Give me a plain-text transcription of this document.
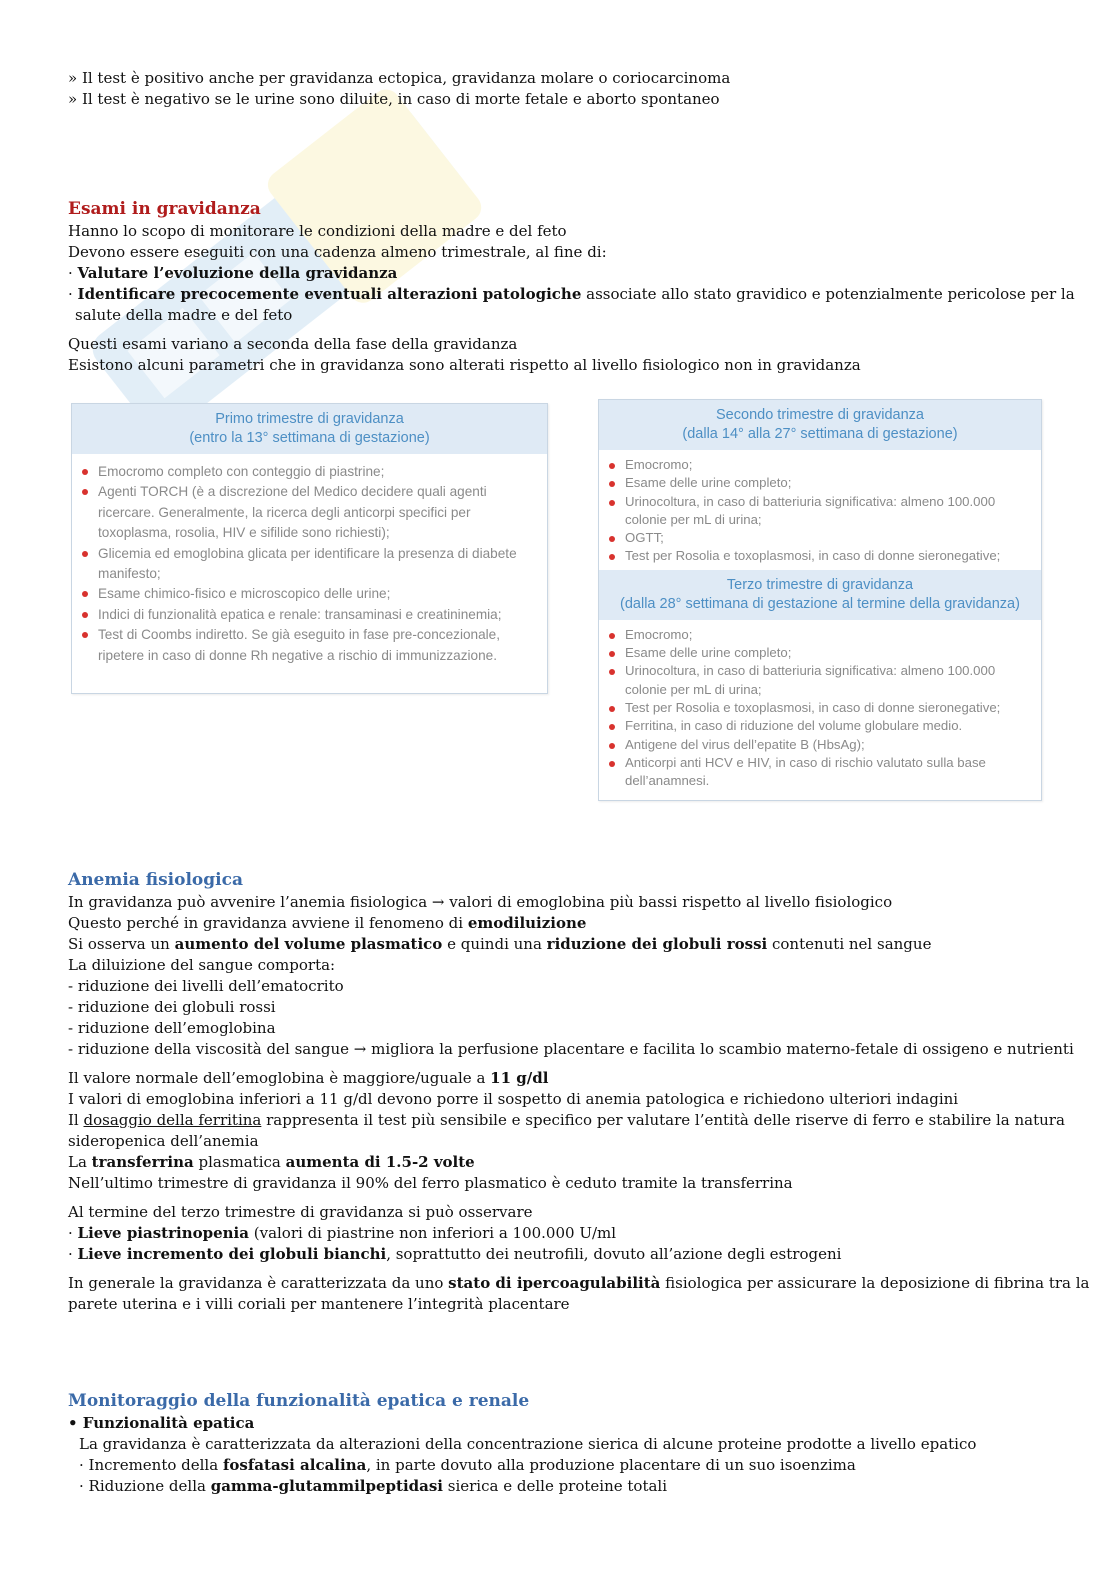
» Il test è positivo anche per gravidanza ectopica, gravidanza molare o coriocarcinoma
» Il test è negativo se le urine sono diluite, in caso di morte fetale e aborto spontaneo
Esami in gravidanza
Hanno lo scopo di monitorare le condizioni della madre e del feto
Devono essere eseguiti con una cadenza almeno trimestrale, al fine di:
· Valutare l’evoluzione della gravidanza
· Identificare precocemente eventuali alterazioni patologiche associate allo stato gravidico e potenzialmente pericolose per la
salute della madre e del feto
Questi esami variano a seconda della fase della gravidanza
Esistono alcuni parametri che in gravidanza sono alterati rispetto al livello fisiologico non in gravidanza
Primo trimestre di gravidanza
(entro la 13° settimana di gestazione)
Emocromo completo con conteggio di piastrine;
Agenti TORCH (è a discrezione del Medico decidere quali agenti ricercare. Generalmente, la ricerca degli anticorpi specifici per toxoplasma, rosolia, HIV e sifilide sono richiesti);
Glicemia ed emoglobina glicata per identificare la presenza di diabete manifesto;
Esame chimico-fisico e microscopico delle urine;
Indici di funzionalità epatica e renale: transaminasi e creatininemia;
Test di Coombs indiretto. Se già eseguito in fase pre-concezionale, ripetere in caso di donne Rh negative a rischio di immunizzazione.
Secondo trimestre di gravidanza
(dalla 14° alla 27° settimana di gestazione)
Emocromo;
Esame delle urine completo;
Urinocoltura, in caso di batteriuria significativa: almeno 100.000 colonie per mL di urina;
OGTT;
Test per Rosolia e toxoplasmosi, in caso di donne sieronegative;
Terzo trimestre di gravidanza
(dalla 28° settimana di gestazione al termine della gravidanza)
Emocromo;
Esame delle urine completo;
Urinocoltura, in caso di batteriuria significativa: almeno 100.000 colonie per mL di urina;
Test per Rosolia e toxoplasmosi, in caso di donne sieronegative;
Ferritina, in caso di riduzione del volume globulare medio.
Antigene del virus dell’epatite B (HbsAg);
Anticorpi anti HCV e HIV, in caso di rischio valutato sulla base dell’anamnesi.
Anemia fisiologica
In gravidanza può avvenire l’anemia fisiologica → valori di emoglobina più bassi rispetto al livello fisiologico
Questo perché in gravidanza avviene il fenomeno di emodiluizione
Si osserva un aumento del volume plasmatico e quindi una riduzione dei globuli rossi contenuti nel sangue
La diluizione del sangue comporta:
- riduzione dei livelli dell’ematocrito
- riduzione dei globuli rossi
- riduzione dell’emoglobina
- riduzione della viscosità del sangue → migliora la perfusione placentare e facilita lo scambio materno-fetale di ossigeno e nutrienti
Il valore normale dell’emoglobina è maggiore/uguale a 11 g/dl
I valori di emoglobina inferiori a 11 g/dl devono porre il sospetto di anemia patologica e richiedono ulteriori indagini
Il dosaggio della ferritina rappresenta il test più sensibile e specifico per valutare l’entità delle riserve di ferro e stabilire la natura
sideropenica dell’anemia
La transferrina plasmatica aumenta di 1.5-2 volte
Nell’ultimo trimestre di gravidanza il 90% del ferro plasmatico è ceduto tramite la transferrina
Al termine del terzo trimestre di gravidanza si può osservare
· Lieve piastrinopenia (valori di piastrine non inferiori a 100.000 U/ml
· Lieve incremento dei globuli bianchi, soprattutto dei neutrofili, dovuto all’azione degli estrogeni
In generale la gravidanza è caratterizzata da uno stato di ipercoagulabilità fisiologica per assicurare la deposizione di fibrina tra la
parete uterina e i villi coriali per mantenere l’integrità placentare
Monitoraggio della funzionalità epatica e renale
• Funzionalità epatica
La gravidanza è caratterizzata da alterazioni della concentrazione sierica di alcune proteine prodotte a livello epatico
· Incremento della fosfatasi alcalina, in parte dovuto alla produzione placentare di un suo isoenzima
· Riduzione della gamma-glutammilpeptidasi sierica e delle proteine totali
